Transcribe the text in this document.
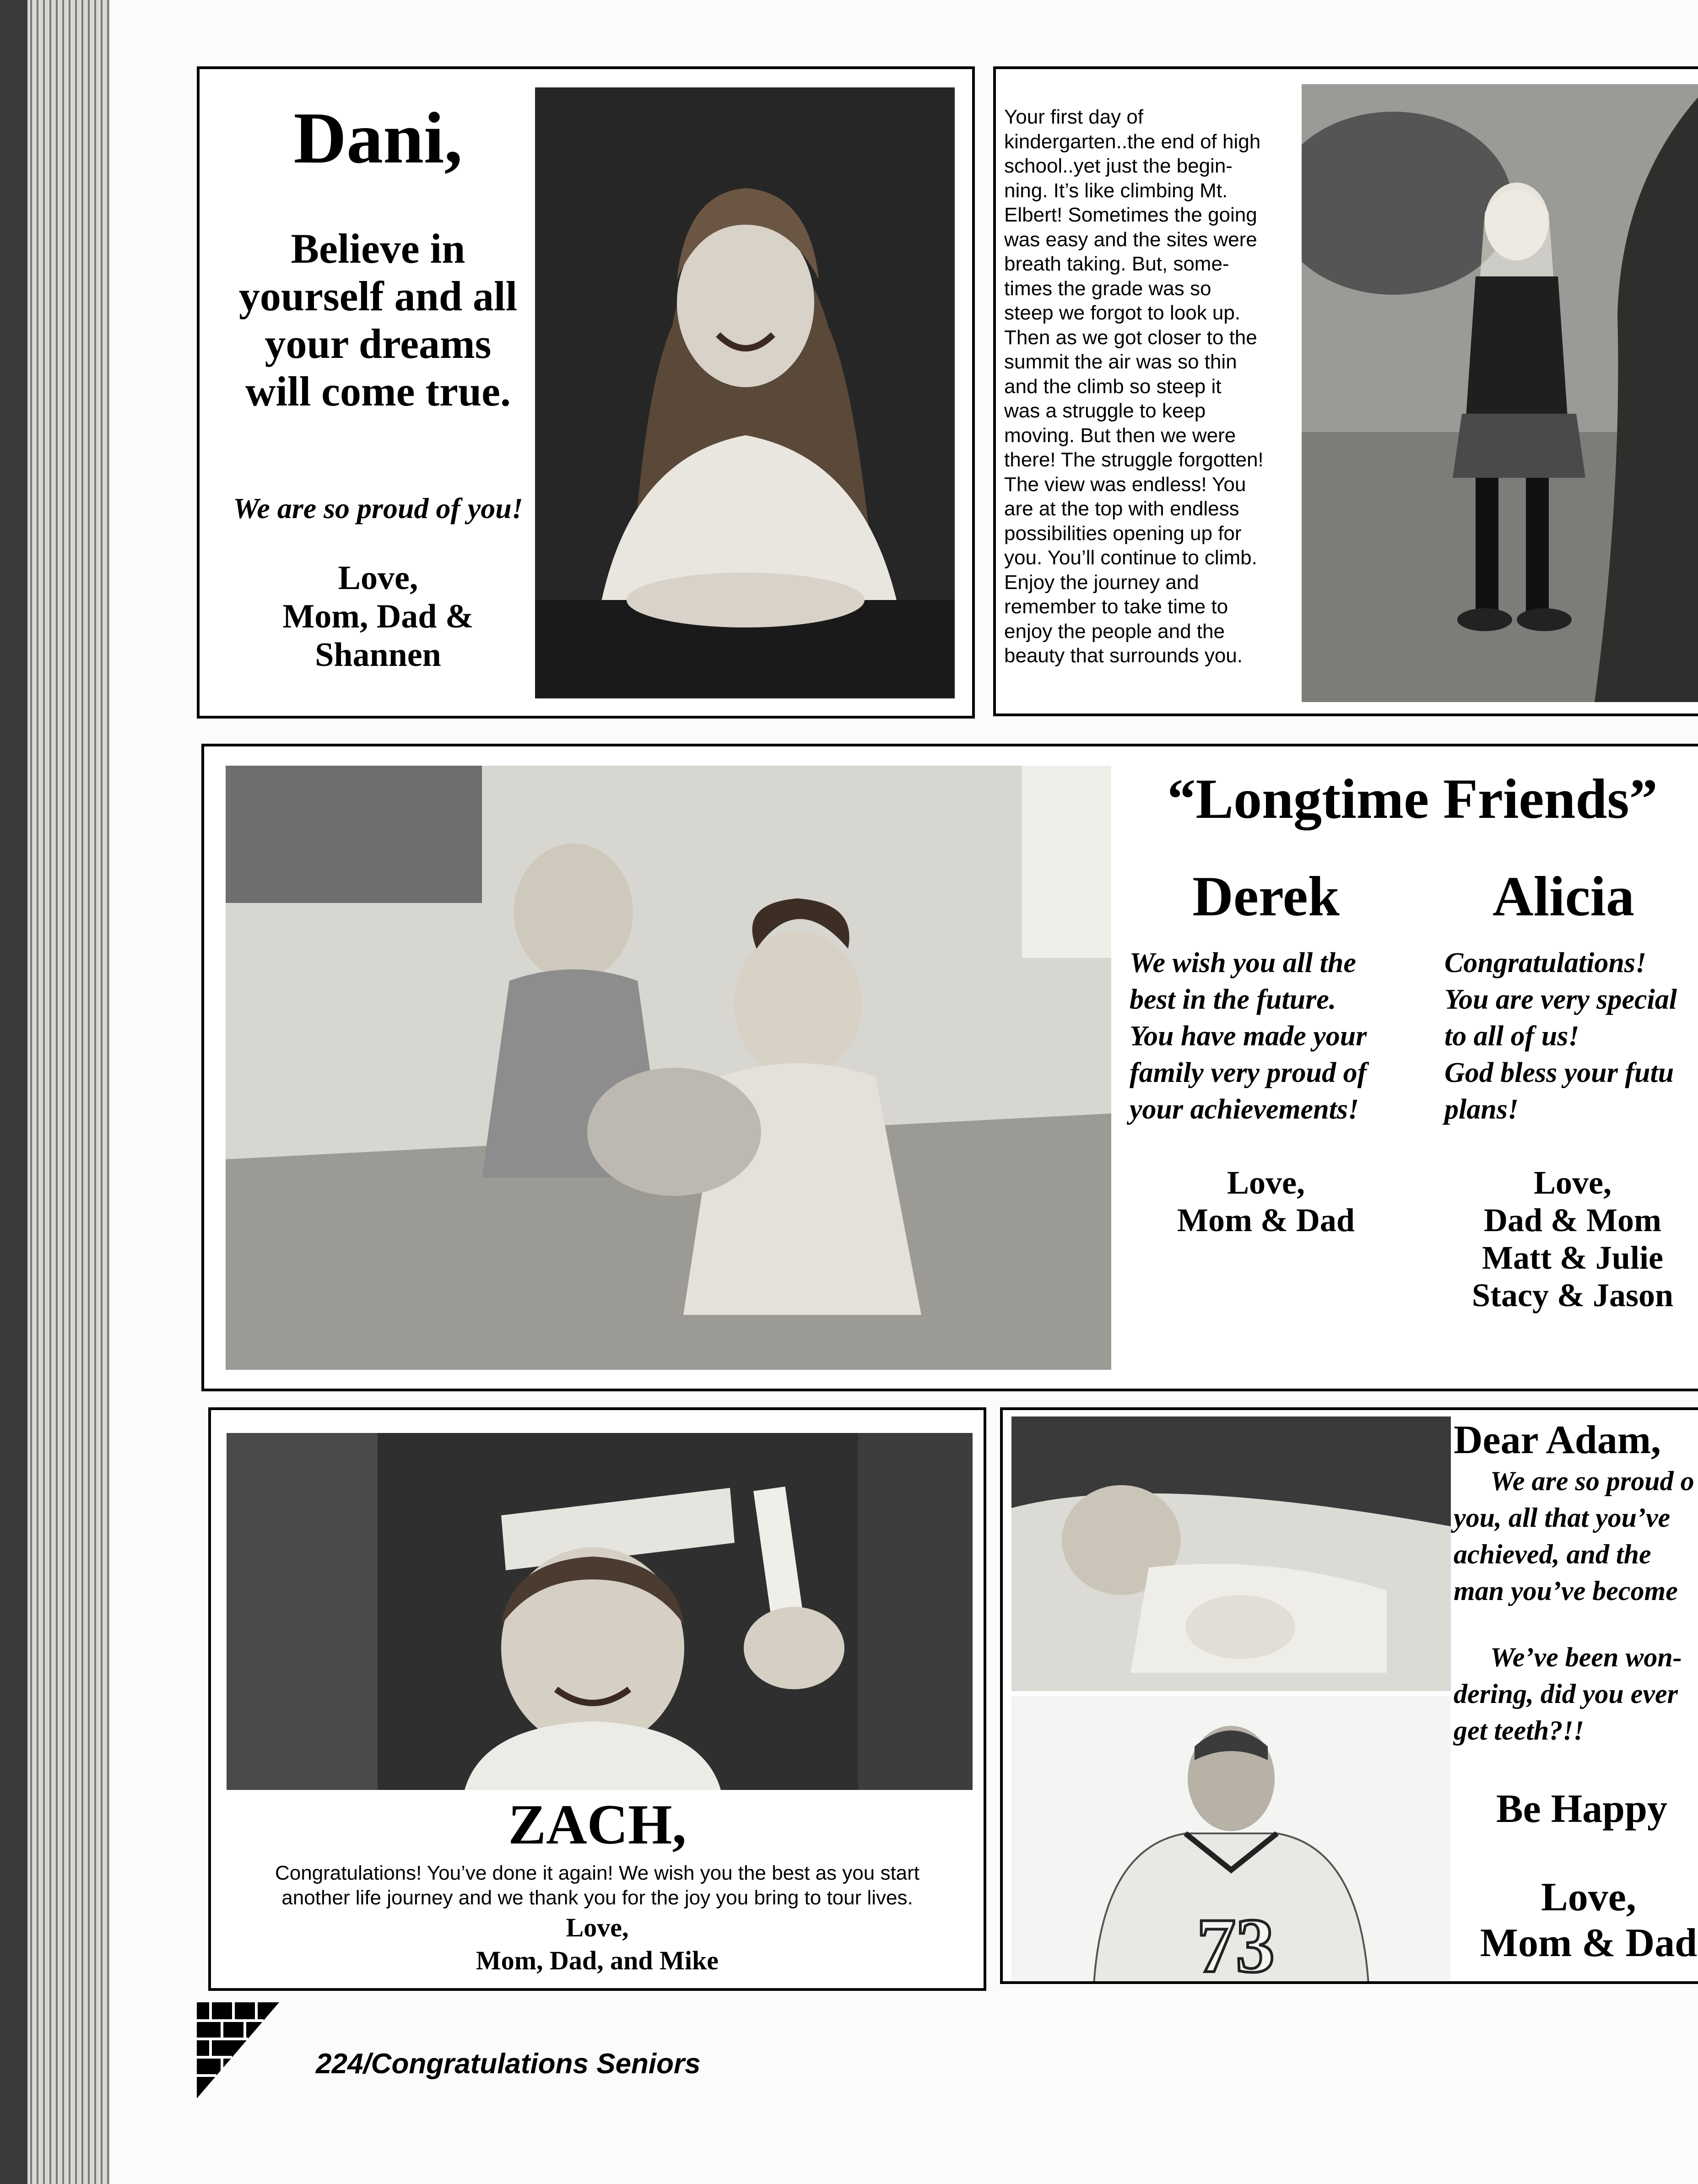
Dani,
Believe in
yourself and all
your dreams
will come true.
We are so proud of you!
Love,
Mom, Dad &
Shannen
Your first day of
kindergarten..the end of high
school..yet just the begin-
ning. It’s like climbing Mt.
Elbert! Sometimes the going
was easy and the sites were
breath taking. But, some-
times the grade was so
steep we forgot to look up.
Then as we got closer to the
summit the air was so thin
and the climb so steep it
was a struggle to keep
moving. But then we were
there! The struggle forgotten!
The view was endless! You
are at the top with endless
possibilities opening up for
you. You’ll continue to climb.
Enjoy the journey and
remember to take time to
enjoy the people and the
beauty that surrounds you.
“Longtime Friends”
Derek
We wish you all the
best in the future.
You have made your
family very proud of
your achievements!
Love,
Mom & Dad
Alicia
Congratulations!
You are very special
to all of us!
God bless your futu
plans!
Love,
Dad & Mom
Matt & Julie
Stacy & Jason
ZACH,
Congratulations! You’ve done it again! We wish you the best as you start
another life journey and we thank you for the joy you bring to tour lives.
Love,
Mom, Dad, and Mike	73
Dear Adam,
We are so proud o
you, all that you’ve
achieved, and the
man you’ve become
We’ve been won-
dering, did you ever
get teeth?!!
Be Happy
Love,
Mom & Dad
224/Congratulations Seniors
